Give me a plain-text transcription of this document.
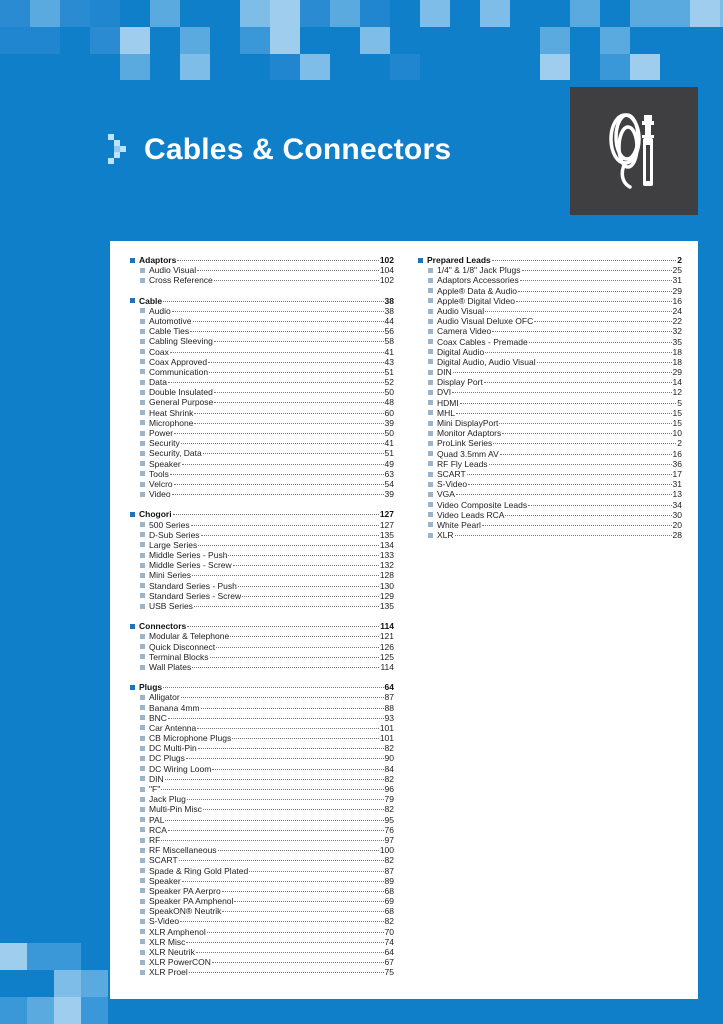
Cables & Connectors
Adaptors	102
Audio Visual	104
Cross Reference	102
Cable	38
Audio	38
Automotive	44
Cable Ties	56
Cabling Sleeving	58
Coax	41
Coax Approved	43
Communication	51
Data	52
Double Insulated	50
General Purpose	48
Heat Shrink	60
Microphone	39
Power	50
Security	41
Security, Data	51
Speaker	49
Tools	63
Velcro	54
Video	39
Chogori	127
500 Series	127
D-Sub Series	135
Large Series	134
Middle Series - Push	133
Middle Series - Screw	132
Mini Series	128
Standard Series - Push	130
Standard Series - Screw	129
USB Series	135
Connectors	114
Modular & Telephone	121
Quick Disconnect	126
Terminal Blocks	125
Wall Plates	114
Plugs	64
Alligator	87
Banana 4mm	88
BNC	93
Car Antenna	101
CB Microphone Plugs	101
DC Multi-Pin	82
DC Plugs	90
DC Wiring Loom	84
DIN	82
"F"	96
Jack Plug	79
Multi-Pin Misc	82
PAL	95
RCA	76
RF	97
RF Miscellaneous	100
SCART	82
Spade & Ring Gold Plated	87
Speaker	89
Speaker PA Aerpro	68
Speaker PA Amphenol	69
SpeakON® Neutrik	68
S-Video	82
XLR Amphenol	70
XLR Misc	74
XLR Neutrik	64
XLR PowerCON	67
XLR Proel	75
Prepared Leads	2
1/4" & 1/8" Jack Plugs	25
Adaptors Accessories	31
Apple® Data & Audio	29
Apple® Digital Video	16
Audio Visual	24
Audio Visual Deluxe OFC	22
Camera Video	32
Coax Cables - Premade	35
Digital Audio	18
Digital Audio, Audio Visual	18
DIN	29
Display Port	14
DVI	12
HDMI	5
MHL	15
Mini DisplayPort	15
Monitor Adaptors	10
ProLink Series	2
Quad 3.5mm AV	16
RF Fly Leads	36
SCART	17
S-Video	31
VGA	13
Video Composite Leads	34
Video Leads RCA	30
White Pearl	20
XLR	28
